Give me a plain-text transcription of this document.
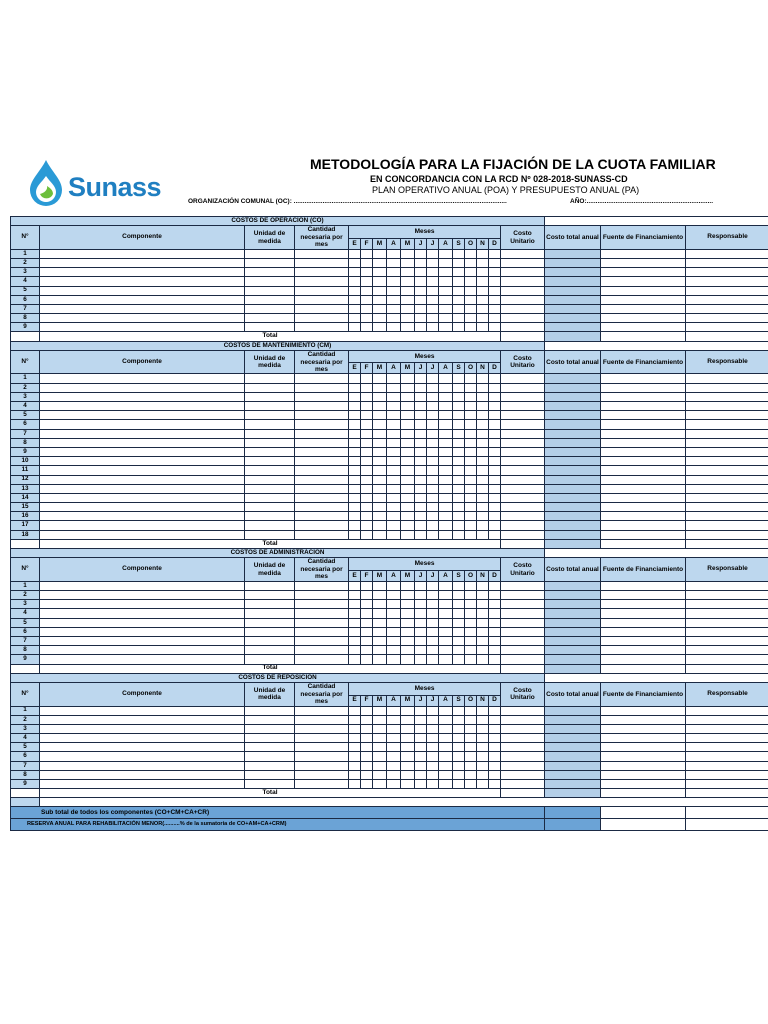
Sunass
METODOLOGÍA PARA LA FIJACIÓN DE LA CUOTA FAMILIAR
EN CONCORDANCIA CON LA RCD Nº 028-2018-SUNASS-CD
PLAN OPERATIVO ANUAL (POA) Y PRESUPUESTO ANUAL (PA)
ORGANIZACIÓN COMUNAL (OC): ......................................................................................................................	AÑO:......................................................................
COSTOS DE OPERACIÓN (CO)																			
N°	Componente	Unidad de medida	Cantidad necesaria por mes	Meses												Costo Unitario	Costo total anual	Fuente de Financiamiento	Responsable
				E	F	M	A	M	J	J	A	S	O	N	D				
1																			
2																			
3																			
4																			
5																			
6																			
7																			
8																			
9																			
	Total																		
COSTOS DE MANTENIMIENTO (CM)																			
N°	Componente	Unidad de medida	Cantidad necesaria por mes	Meses												Costo Unitario	Costo total anual	Fuente de Financiamiento	Responsable
				E	F	M	A	M	J	J	A	S	O	N	D				
1																			
2																			
3																			
4																			
5																			
6																			
7																			
8																			
9																			
10																			
11																			
12																			
13																			
14																			
15																			
16																			
17																			
18																			
	Total																		
COSTOS DE ADMINISTRACIÓN																			
N°	Componente	Unidad de medida	Cantidad necesaria por mes	Meses												Costo Unitario	Costo total anual	Fuente de Financiamiento	Responsable
				E	F	M	A	M	J	J	A	S	O	N	D				
1																			
2																			
3																			
4																			
5																			
6																			
7																			
8																			
9																			
	Total																		
COSTOS DE REPOSICIÓN																			
N°	Componente	Unidad de medida	Cantidad necesaria por mes	Meses												Costo Unitario	Costo total anual	Fuente de Financiamiento	Responsable
				E	F	M	A	M	J	J	A	S	O	N	D				
1																			
2																			
3																			
4																			
5																			
6																			
7																			
8																			
9																			
	Total																		

Sub total de todos los componentes (CO+CM+CA+CR)																			
RESERVA ANUAL PARA REHABILITACIÓN MENOR(..........% de la sumatoria de CO+AM+CA+CRM)																			
